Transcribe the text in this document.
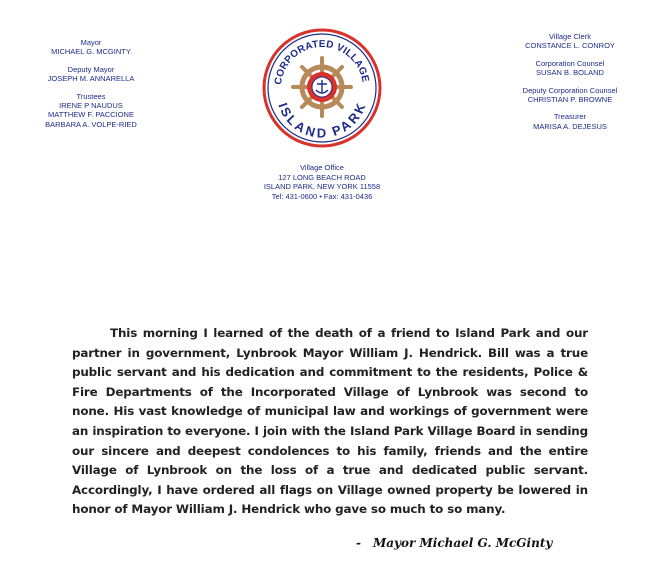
Mayor
MICHAEL G. MCGINTY
Deputy Mayor
JOSEPH M. ANNARELLA
Trustees
IRENE P NAUDUS
MATTHEW F. PACCIONE
BARBARA A. VOLPE-RIED
CORPORATED VILLAGE
ISLAND PARK
Village Clerk
CONSTANCE L. CONROY
Corporation Counsel
SUSAN B. BOLAND
Deputy Corporation Counsel
CHRISTIAN P. BROWNE
Treasurer
MARISA A. DEJESUS
Village Office
127 LONG BEACH ROAD
ISLAND PARK, NEW YORK 11558
Tel: 431-0600 • Fax: 431-0436

This morning I learned of the death of a friend to Island Park and our partner in government, Lynbrook Mayor William J. Hendrick. Bill was a true public servant and his dedication and commitment to the residents, Police & Fire Departments of the Incorporated Village of Lynbrook was second to none. His vast knowledge of municipal law and workings of government were an inspiration to everyone. I join with the Island Park Village Board in sending our sincere and deepest condolences to his family, friends and the entire Village of Lynbrook on the loss of a true and dedicated public servant. Accordingly, I have ordered all flags on Village owned property be lowered in honor of Mayor William J. Hendrick who gave so much to so many.

- Mayor Michael G. McGinty
